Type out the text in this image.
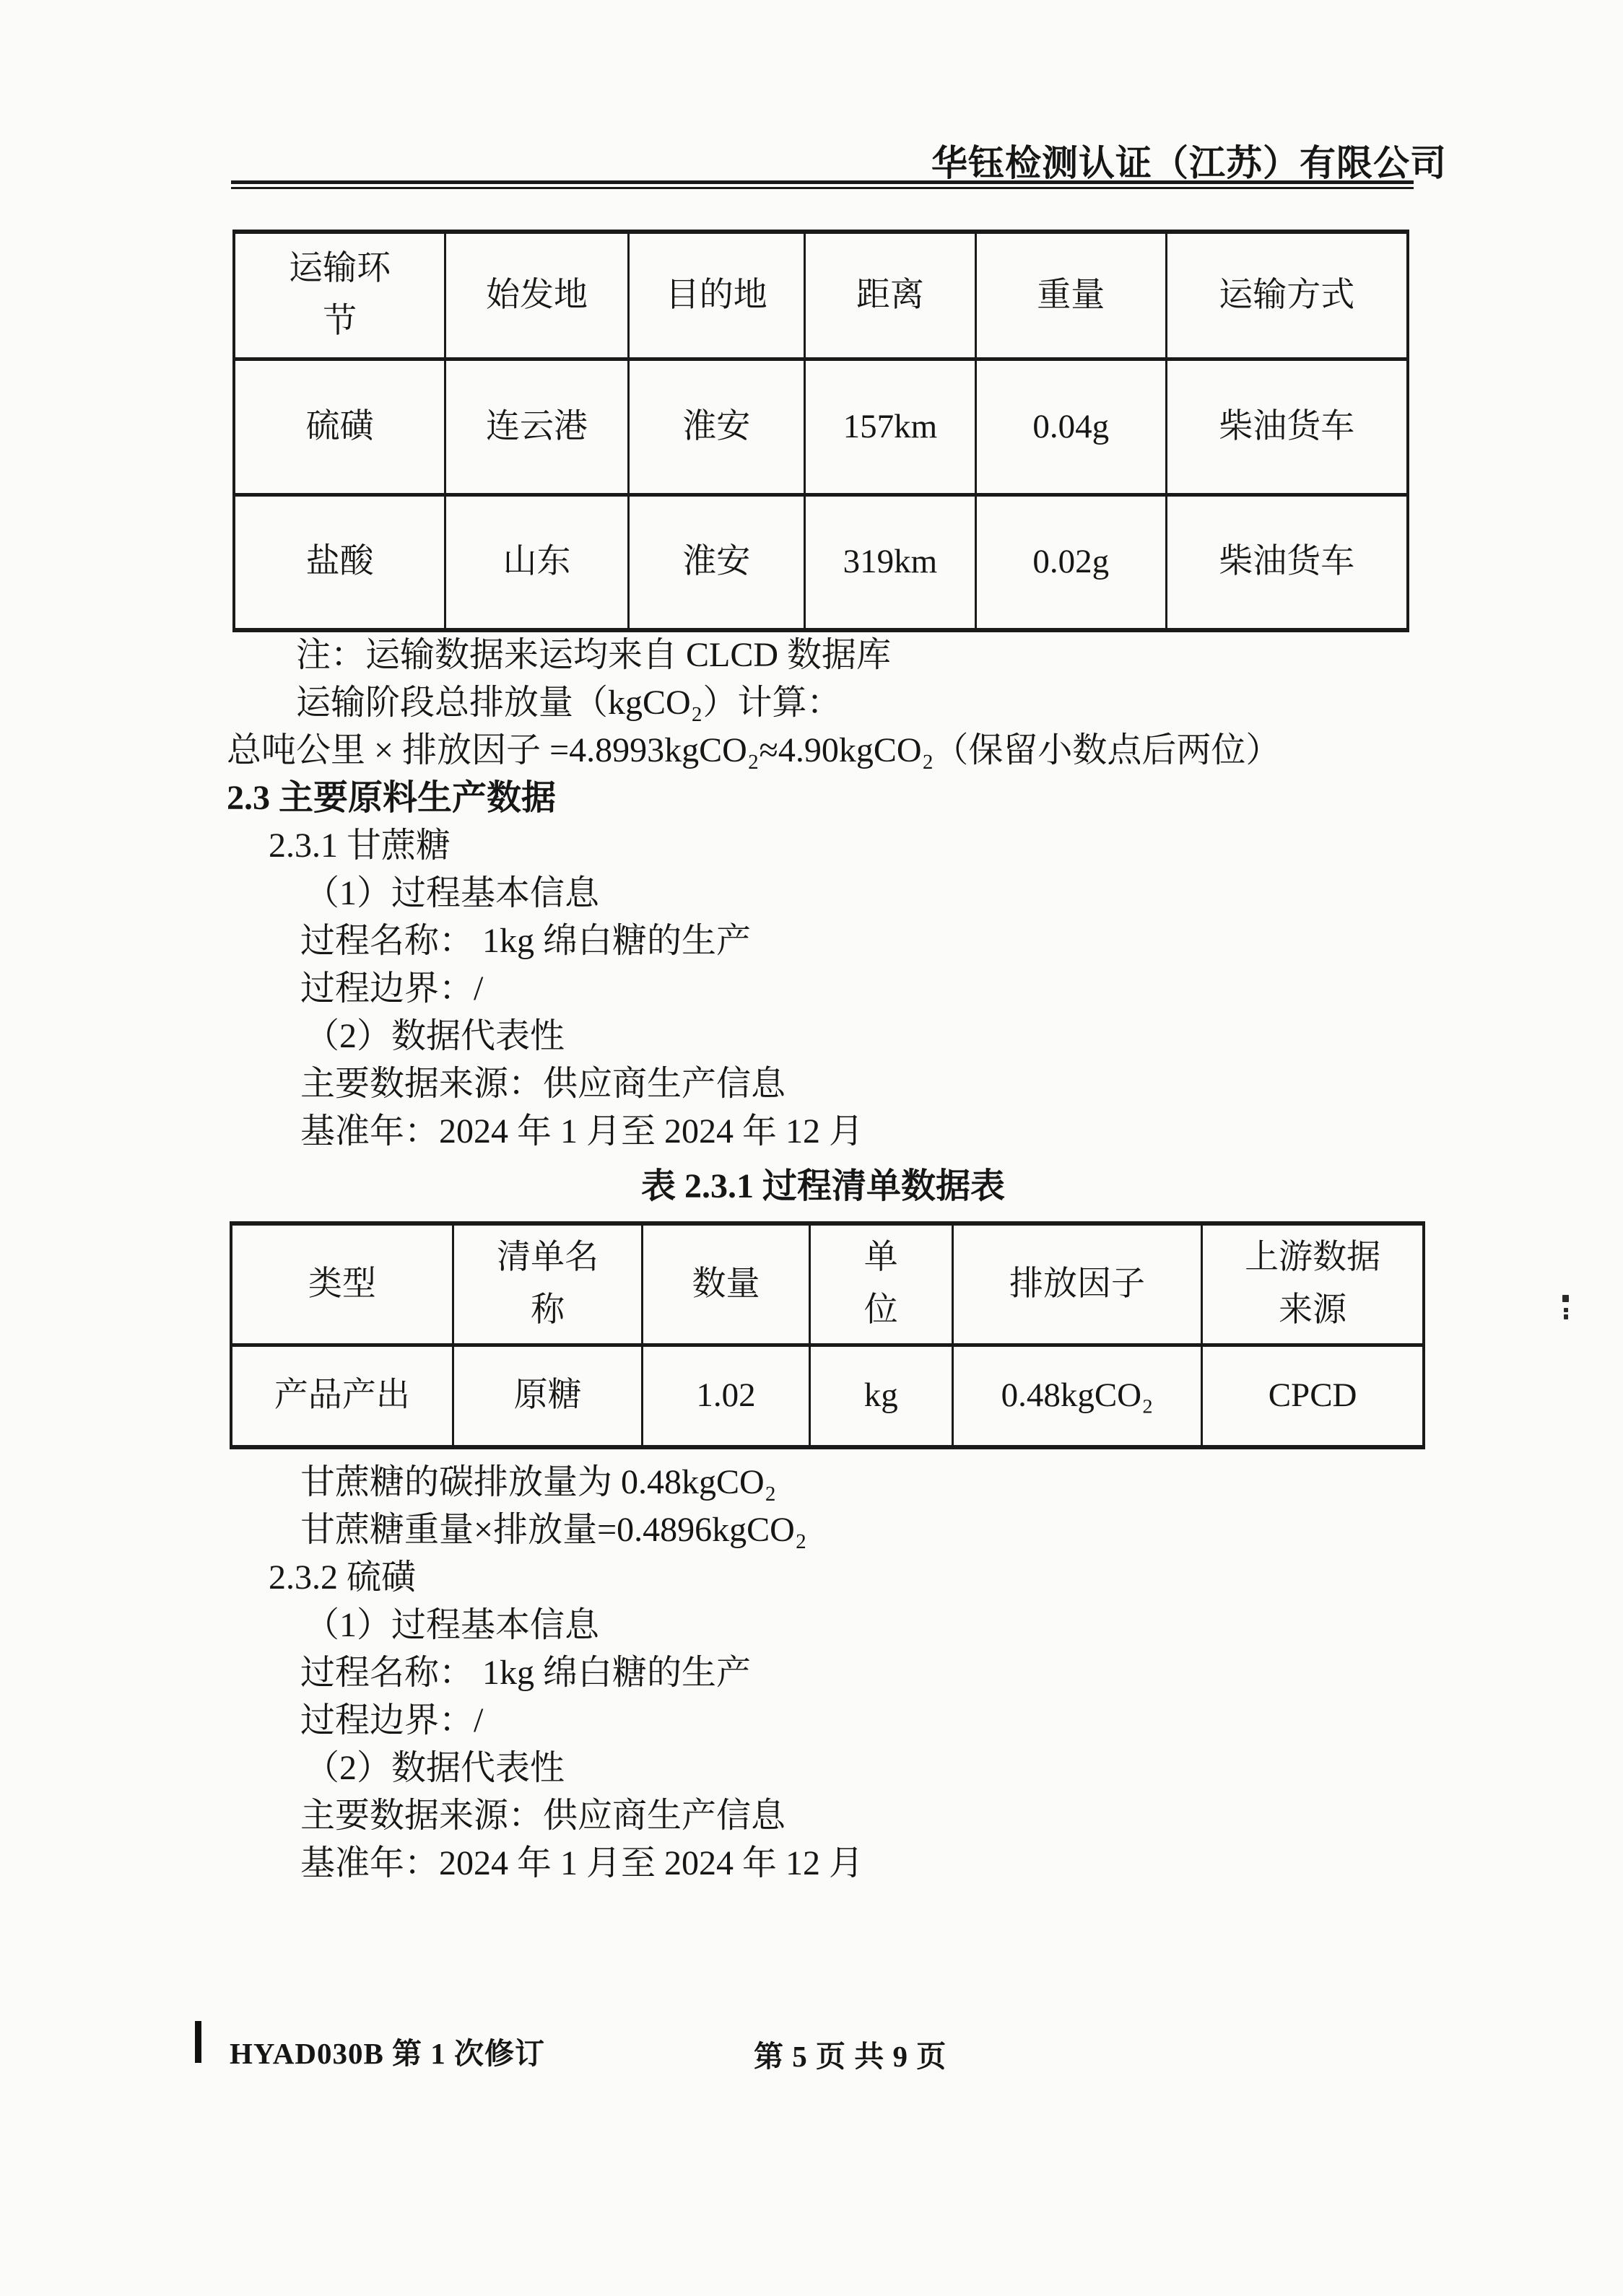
华钰检测认证（江苏）有限公司
运输环节	始发地	目的地	距离	重量	运输方式
硫磺	连云港	淮安	157km	0.04g	柴油货车
盐酸	山东	淮安	319km	0.02g	柴油货车
注：运输数据来运均来自 CLCD 数据库
运输阶段总排放量（kgCO₂）计算：
总吨公里 × 排放因子 =4.8993kgCO₂≈4.90kgCO₂（保留小数点后两位）
2.3 主要原料生产数据
2.3.1 甘蔗糖
（1）过程基本信息
过程名称： 1kg 绵白糖的生产
过程边界：/
（2）数据代表性
主要数据来源：供应商生产信息
基准年：2024 年 1 月至 2024 年 12 月
表 2.3.1 过程清单数据表
类型	清单名称	数量	单位	排放因子	上游数据来源
产品产出	原糖	1.02	kg	0.48kgCO₂	CPCD
甘蔗糖的碳排放量为 0.48kgCO₂
甘蔗糖重量×排放量=0.4896kgCO₂
2.3.2 硫磺
（1）过程基本信息
过程名称： 1kg 绵白糖的生产
过程边界：/
（2）数据代表性
主要数据来源：供应商生产信息
基准年：2024 年 1 月至 2024 年 12 月
HYAD030B 第 1 次修订	第 5 页 共 9 页
